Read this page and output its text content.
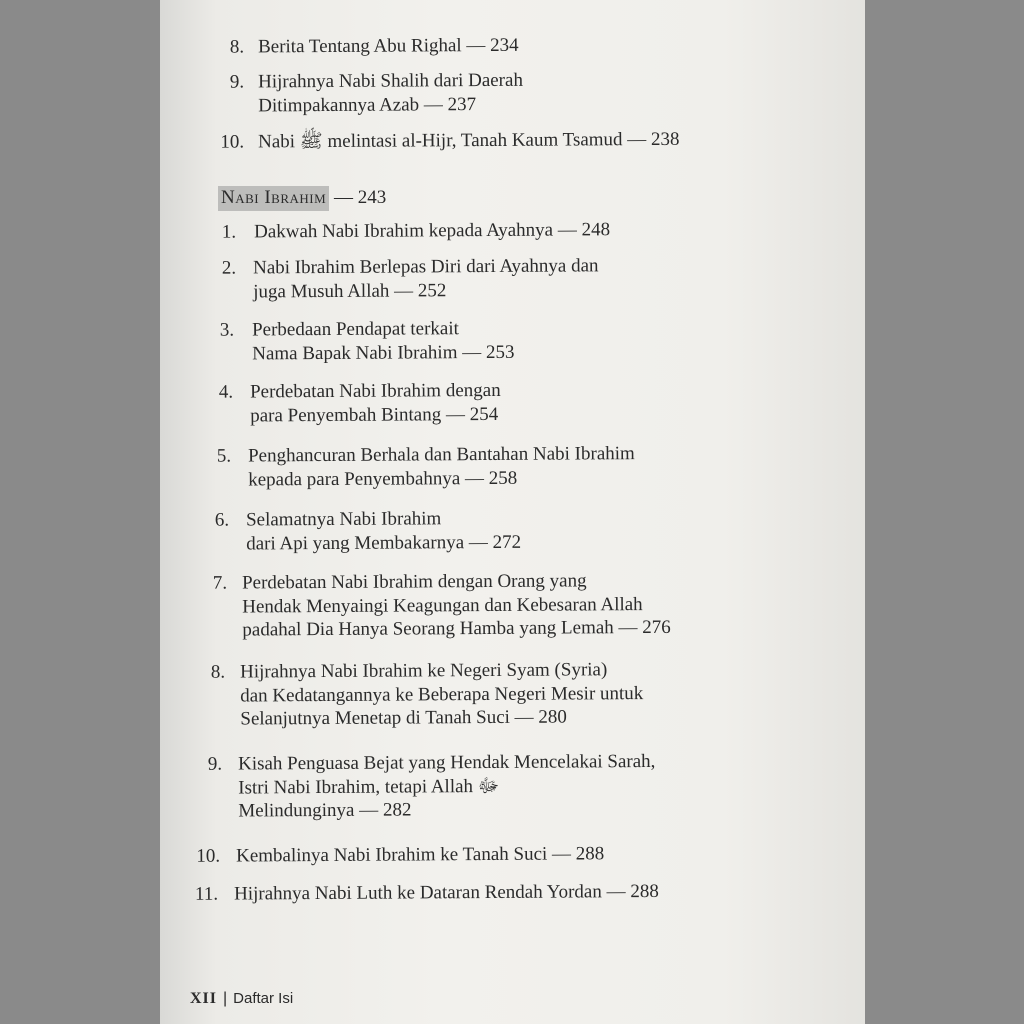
8. Berita Tentang Abu Righal — 234
9. Hijrahnya Nabi Shalih dari Daerah
Ditimpakannya Azab — 237
10. Nabi ﷺ melintasi al-Hijr, Tanah Kaum Tsamud — 238
Nabi Ibrahim — 243
1. Dakwah Nabi Ibrahim kepada Ayahnya — 248
2. Nabi Ibrahim Berlepas Diri dari Ayahnya dan
juga Musuh Allah — 252
3. Perbedaan Pendapat terkait
Nama Bapak Nabi Ibrahim — 253
4. Perdebatan Nabi Ibrahim dengan
para Penyembah Bintang — 254
5. Penghancuran Berhala dan Bantahan Nabi Ibrahim
kepada para Penyembahnya — 258
6. Selamatnya Nabi Ibrahim
dari Api yang Membakarnya — 272
7. Perdebatan Nabi Ibrahim dengan Orang yang
Hendak Menyaingi Keagungan dan Kebesaran Allah
padahal Dia Hanya Seorang Hamba yang Lemah — 276
8. Hijrahnya Nabi Ibrahim ke Negeri Syam (Syria)
dan Kedatangannya ke Beberapa Negeri Mesir untuk
Selanjutnya Menetap di Tanah Suci — 280
9. Kisah Penguasa Bejat yang Hendak Mencelakai Sarah,
Istri Nabi Ibrahim, tetapi Allah ﷻ
Melindunginya — 282
10. Kembalinya Nabi Ibrahim ke Tanah Suci — 288
11. Hijrahnya Nabi Luth ke Dataran Rendah Yordan — 288
XII | Daftar Isi
